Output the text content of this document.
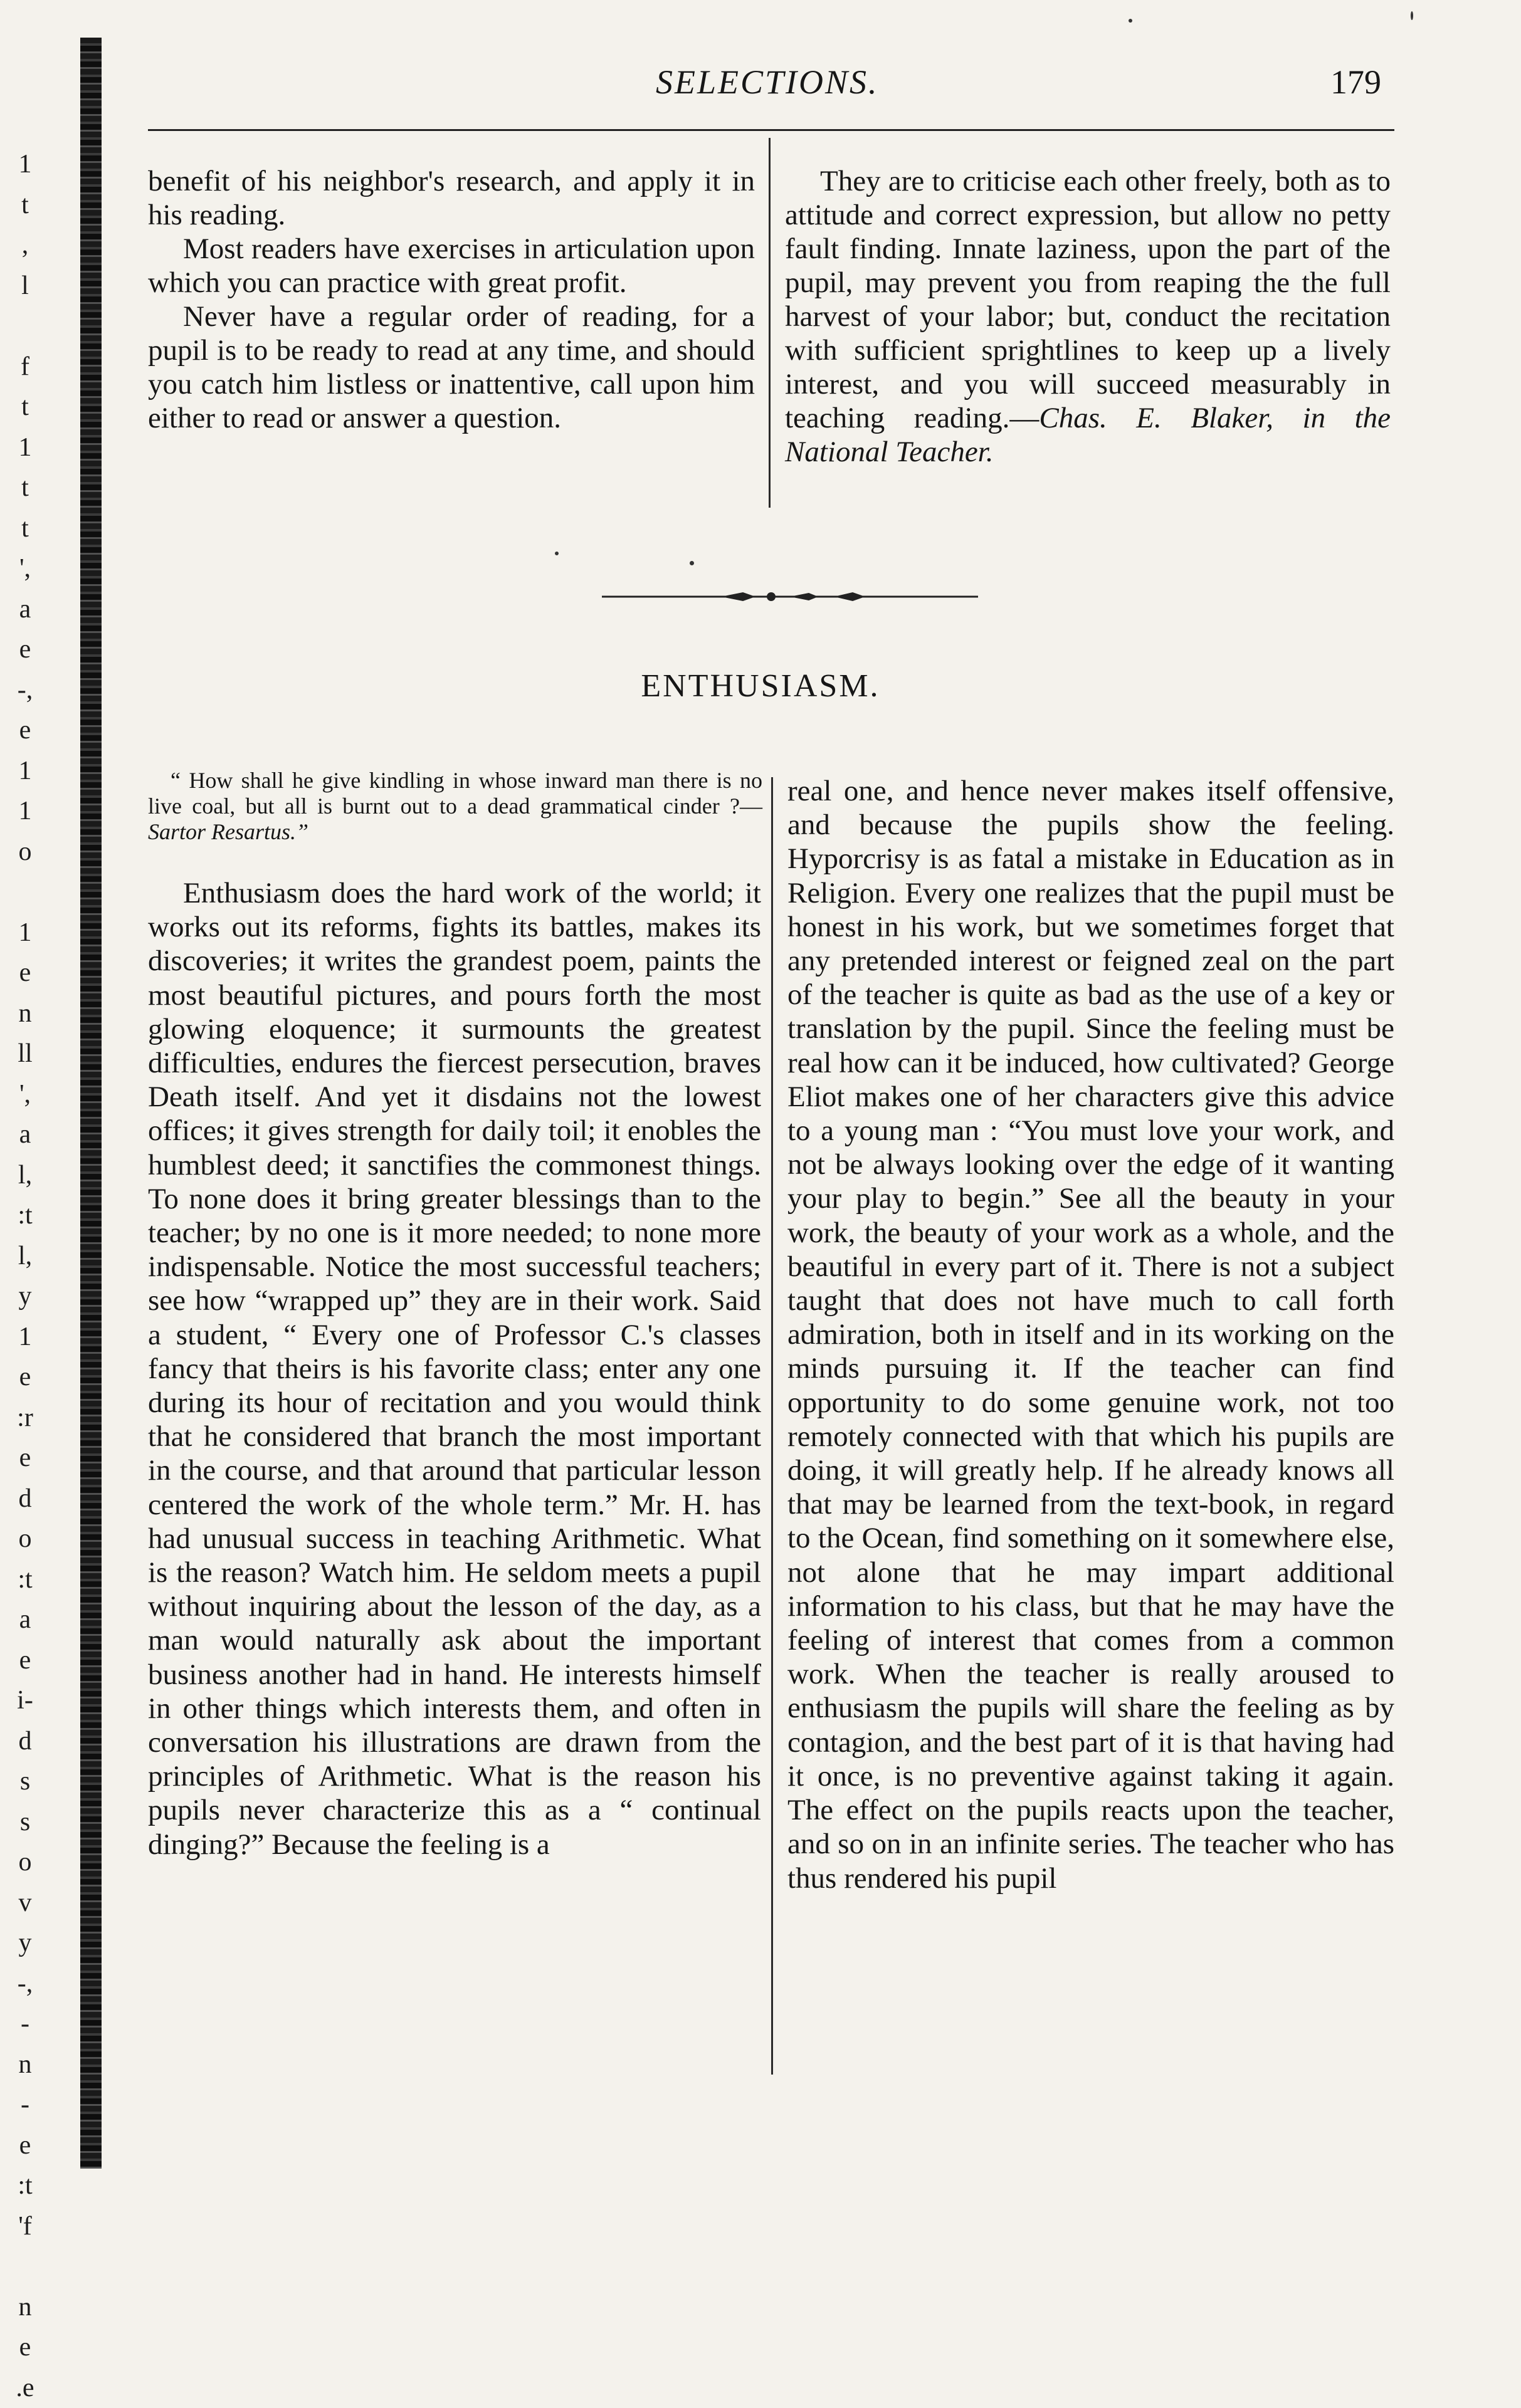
1
t
,
l

f
t
1
t
t
',
a
e
-,
e
1
1
o

1
e
n
ll
',
a
l,
:t
l,
y
1
e
:r
e
d
o
:t
a
e
i-
d
s
s
o
v
y
-,
-
n
-
e
:t
'f

n
e
.e
SELECTIONS.	179

benefit of his neighbor's research, and apply it in his reading.

Most readers have exercises in articulation upon which you can practice with great profit.

Never have a regular order of reading, for a pupil is to be ready to read at any time, and should you catch him listless or inattentive, call upon him either to read or answer a question.

They are to criticise each other freely, both as to attitude and correct expression, but allow no petty fault finding. Innate laziness, upon the part of the pupil, may prevent you from reaping the the full harvest of your labor; but, conduct the recitation with sufficient sprightlines to keep up a lively interest, and you will succeed measurably in teaching reading.—Chas. E. Blaker, in the National Teacher.

ENTHUSIASM.
“ How shall he give kindling in whose inward man there is no live coal, but all is burnt out to a dead grammatical cinder ?—Sartor Resartus.”

Enthusiasm does the hard work of the world; it works out its reforms, fights its battles, makes its discoveries; it writes the grandest poem, paints the most beautiful pictures, and pours forth the most glowing eloquence; it surmounts the greatest difficulties, endures the fiercest persecution, braves Death itself. And yet it disdains not the lowest offices; it gives strength for daily toil; it enobles the humblest deed; it sanctifies the commonest things. To none does it bring greater blessings than to the teacher; by no one is it more needed; to none more indispensable. Notice the most successful teachers; see how “wrapped up” they are in their work. Said a student, “ Every one of Professor C.'s classes fancy that theirs is his favorite class; enter any one during its hour of recitation and you would think that he considered that branch the most important in the course, and that around that particular lesson centered the work of the whole term.” Mr. H. has had unusual success in teaching Arithmetic. What is the reason? Watch him. He seldom meets a pupil without inquiring about the lesson of the day, as a man would naturally ask about the important business another had in hand. He interests himself in other things which interests them, and often in conversation his illustrations are drawn from the principles of Arithmetic. What is the reason his pupils never characterize this as a “ continual dinging?” Because the feeling is a

real one, and hence never makes itself offensive, and because the pupils show the feeling. Hyporcrisy is as fatal a mistake in Education as in Religion. Every one realizes that the pupil must be honest in his work, but we sometimes forget that any pretended interest or feigned zeal on the part of the teacher is quite as bad as the use of a key or translation by the pupil. Since the feeling must be real how can it be induced, how cultivated? George Eliot makes one of her characters give this advice to a young man : “You must love your work, and not be always looking over the edge of it wanting your play to begin.” See all the beauty in your work, the beauty of your work as a whole, and the beautiful in every part of it. There is not a subject taught that does not have much to call forth admiration, both in itself and in its working on the minds pursuing it. If the teacher can find opportunity to do some genuine work, not too remotely connected with that which his pupils are doing, it will greatly help. If he already knows all that may be learned from the text-book, in regard to the Ocean, find something on it somewhere else, not alone that he may impart additional information to his class, but that he may have the feeling of interest that comes from a common work. When the teacher is really aroused to enthusiasm the pupils will share the feeling as by contagion, and the best part of it is that having had it once, is no preventive against taking it again. The effect on the pupils reacts upon the teacher, and so on in an infinite series. The teacher who has thus rendered his pupil
